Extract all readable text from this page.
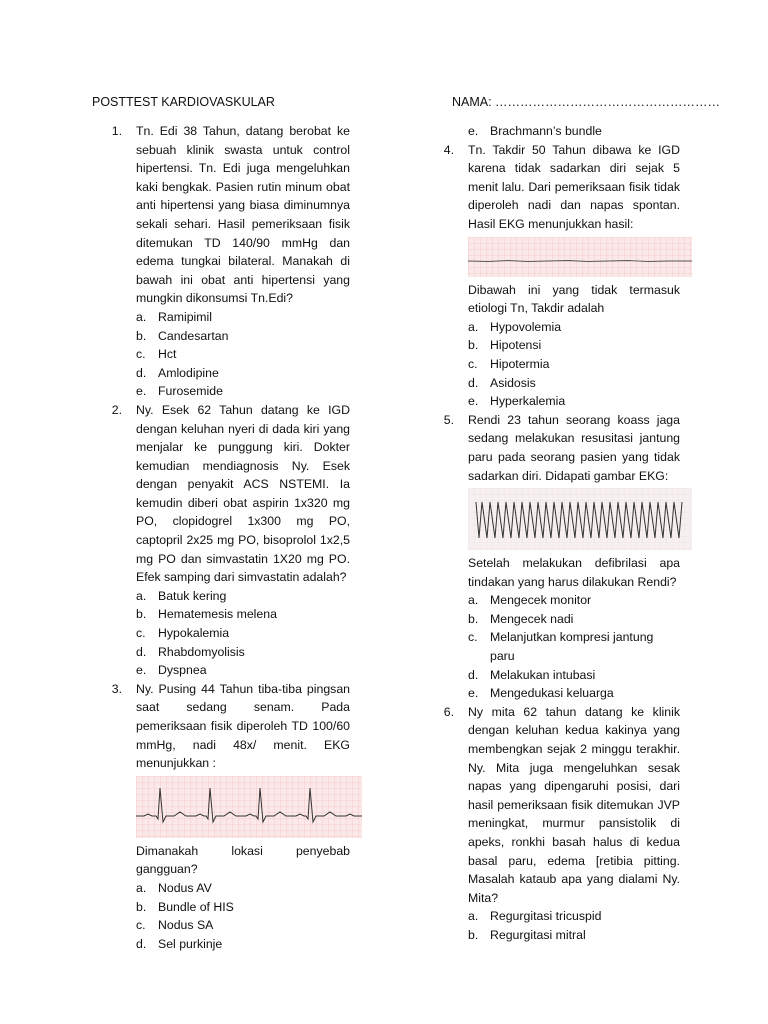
POSTTEST KARDIOVASKULAR	NAMA: ………………………………………………
1. Tn. Edi 38 Tahun, datang berobat ke sebuah klinik swasta untuk control hipertensi. Tn. Edi juga mengeluhkan kaki bengkak. Pasien rutin minum obat anti hipertensi yang biasa diminumnya sekali sehari. Hasil pemeriksaan fisik ditemukan TD 140/90 mmHg dan edema tungkai bilateral. Manakah di bawah ini obat anti hipertensi yang mungkin dikonsumsi Tn.Edi?
a. Ramipimil
b. Candesartan
c. Hct
d. Amlodipine
e. Furosemide
2. Ny. Esek 62 Tahun datang ke IGD dengan keluhan nyeri di dada kiri yang menjalar ke punggung kiri. Dokter kemudian mendiagnosis Ny. Esek dengan penyakit ACS NSTEMI. Ia kemudin diberi obat aspirin 1x320 mg PO, clopidogrel 1x300 mg PO, captopril 2x25 mg PO, bisoprolol 1x2,5 mg PO dan simvastatin 1X20 mg PO. Efek samping dari simvastatin adalah?
a. Batuk kering
b. Hematemesis melena
c. Hypokalemia
d. Rhabdomyolisis
e. Dyspnea
3. Ny. Pusing 44 Tahun tiba-tiba pingsan saat sedang senam. Pada pemeriksaan fisik diperoleh TD 100/60 mmHg, nadi 48x/ menit. EKG menunjukkan :
Dimanakah lokasi penyebab gangguan?
a. Nodus AV
b. Bundle of HIS
c. Nodus SA
d. Sel purkinje
e. Brachmann’s bundle
4. Tn. Takdir 50 Tahun dibawa ke IGD karena tidak sadarkan diri sejak 5 menit lalu. Dari pemeriksaan fisik tidak diperoleh nadi dan napas spontan. Hasil EKG menunjukkan hasil:
Dibawah ini yang tidak termasuk etiologi Tn, Takdir adalah
a. Hypovolemia
b. Hipotensi
c. Hipotermia
d. Asidosis
e. Hyperkalemia
5. Rendi 23 tahun seorang koass jaga sedang melakukan resusitasi jantung paru pada seorang pasien yang tidak sadarkan diri. Didapati gambar EKG:
Setelah melakukan defibrilasi apa tindakan yang harus dilakukan Rendi?
a. Mengecek monitor
b. Mengecek nadi
c. Melanjutkan kompresi jantung paru
d. Melakukan intubasi
e. Mengedukasi keluarga
6. Ny mita 62 tahun datang ke klinik dengan keluhan kedua kakinya yang membengkan sejak 2 minggu terakhir. Ny. Mita juga mengeluhkan sesak napas yang dipengaruhi posisi, dari hasil pemeriksaan fisik ditemukan JVP meningkat, murmur pansistolik di apeks, ronkhi basah halus di kedua basal paru, edema [retibia pitting. Masalah kataub apa yang dialami Ny. Mita?
a. Regurgitasi tricuspid
b. Regurgitasi mitral
